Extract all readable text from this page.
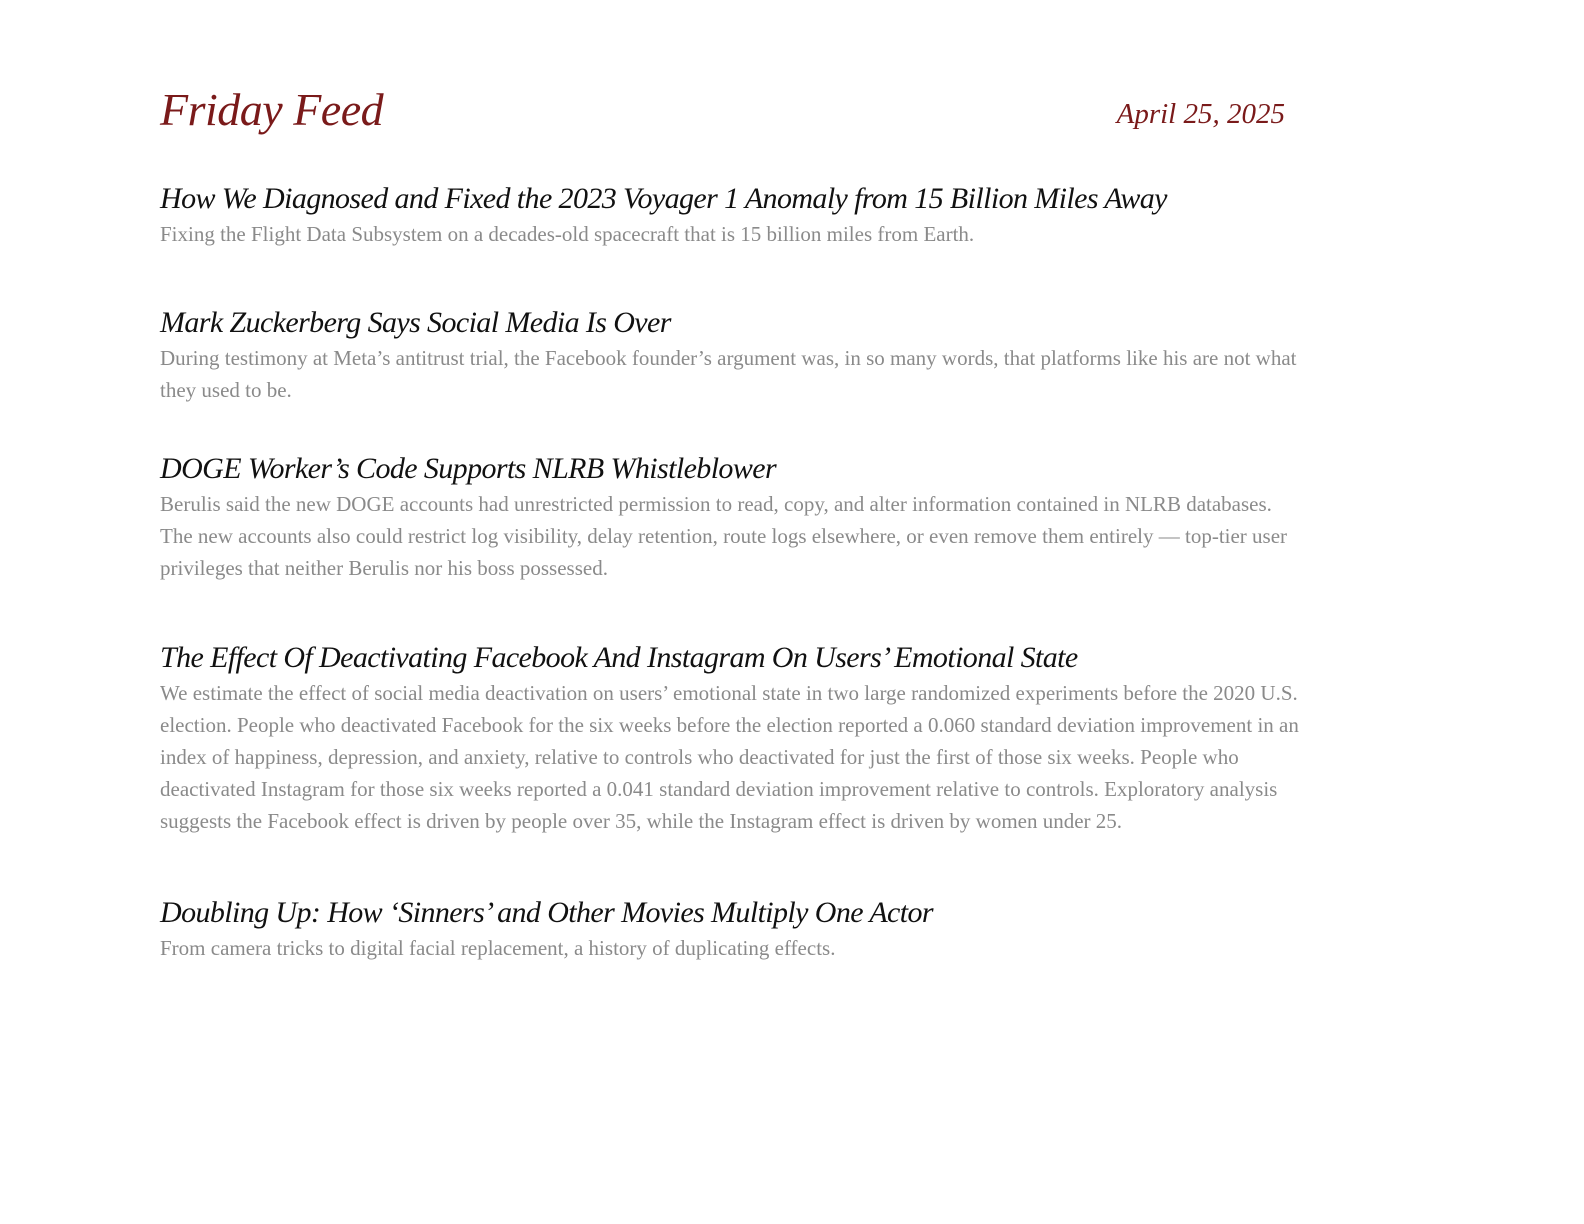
Friday Feed	April 25, 2025
How We Diagnosed and Fixed the 2023 Voyager 1 Anomaly from 15 Billion Miles Away

Fixing the Flight Data Subsystem on a decades-old spacecraft that is 15 billion miles from Earth.

Mark Zuckerberg Says Social Media Is Over

During testimony at Meta’s antitrust trial, the Facebook founder’s argument was, in so many words, that platforms like his are not what they used to be.

DOGE Worker’s Code Supports NLRB Whistleblower

Berulis said the new DOGE accounts had unrestricted permission to read, copy, and alter information contained in NLRB databases. The new accounts also could restrict log visibility, delay retention, route logs elsewhere, or even remove them entirely — top-tier user privileges that neither Berulis nor his boss possessed.

The Effect Of Deactivating Facebook And Instagram On Users’ Emotional State

We estimate the effect of social media deactivation on users’ emotional state in two large randomized experiments before the 2020 U.S. election. People who deactivated Facebook for the six weeks before the election reported a 0.060 standard deviation improvement in an index of happiness, depression, and anxiety, relative to controls who deactivated for just the first of those six weeks. People who deactivated Instagram for those six weeks reported a 0.041 standard deviation improvement relative to controls. Exploratory analysis suggests the Facebook effect is driven by people over 35, while the Instagram effect is driven by women under 25.

Doubling Up: How ‘Sinners’ and Other Movies Multiply One Actor

From camera tricks to digital facial replacement, a history of duplicating effects.
